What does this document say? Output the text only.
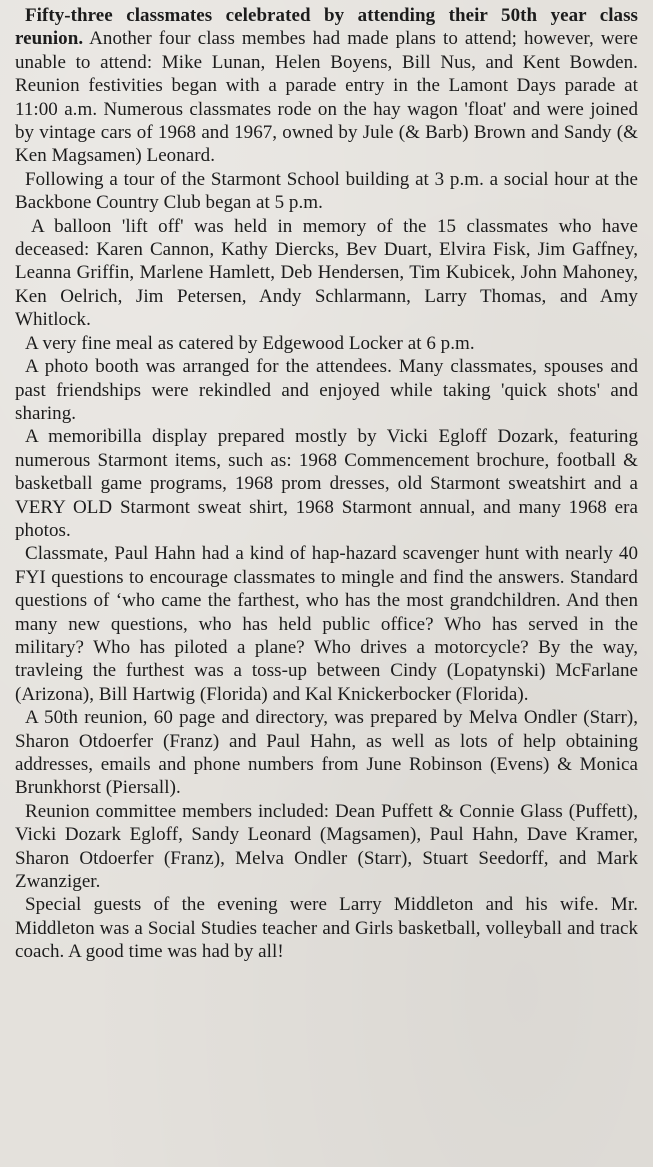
Fifty-three classmates celebrated by attending their 50th year class reunion. Another four class membes had made plans to attend; however, were unable to attend: Mike Lunan, Helen Boyens, Bill Nus, and Kent Bowden. Reunion festivities began with a parade entry in the Lamont Days parade at 11:00 a.m. Numerous classmates rode on the hay wagon 'float' and were joined by vintage cars of 1968 and 1967, owned by Jule (& Barb) Brown and Sandy (& Ken Magsamen) Leonard.

Following a tour of the Starmont School building at 3 p.m. a social hour at the Backbone Country Club began at 5 p.m.

A balloon 'lift off' was held in memory of the 15 classmates who have deceased: Karen Cannon, Kathy Diercks, Bev Duart, Elvira Fisk, Jim Gaffney, Leanna Griffin, Marlene Hamlett, Deb Hendersen, Tim Kubicek, John Mahoney, Ken Oelrich, Jim Petersen, Andy Schlarmann, Larry Thomas, and Amy Whitlock.

A very fine meal as catered by Edgewood Locker at 6 p.m.

A photo booth was arranged for the attendees. Many classmates, spouses and past friendships were rekindled and enjoyed while taking 'quick shots' and sharing.

A memoribilla display prepared mostly by Vicki Egloff Dozark, featuring numerous Starmont items, such as: 1968 Commencement brochure, football & basketball game programs, 1968 prom dresses, old Starmont sweatshirt and a VERY OLD Starmont sweat shirt, 1968 Starmont annual, and many 1968 era photos.

Classmate, Paul Hahn had a kind of hap-hazard scavenger hunt with nearly 40 FYI questions to encourage classmates to mingle and find the answers. Standard questions of ‘who came the farthest, who has the most grandchildren. And then many new questions, who has held public office? Who has served in the military? Who has piloted a plane? Who drives a motorcycle? By the way, travleing the furthest was a toss-up between Cindy (Lopatynski) McFarlane (Arizona), Bill Hartwig (Florida) and Kal Knickerbocker (Florida).

A 50th reunion, 60 page and directory, was prepared by Melva Ondler (Starr), Sharon Otdoerfer (Franz) and Paul Hahn, as well as lots of help obtaining addresses, emails and phone numbers from June Robinson (Evens) & Monica Brunkhorst (Piersall).

Reunion committee members included: Dean Puffett & Connie Glass (Puffett), Vicki Dozark Egloff, Sandy Leonard (Magsamen), Paul Hahn, Dave Kramer, Sharon Otdoerfer (Franz), Melva Ondler (Starr), Stuart Seedorff, and Mark Zwanziger.

Special guests of the evening were Larry Middleton and his wife. Mr. Middleton was a Social Studies teacher and Girls basketball, volleyball and track coach. A good time was had by all!
